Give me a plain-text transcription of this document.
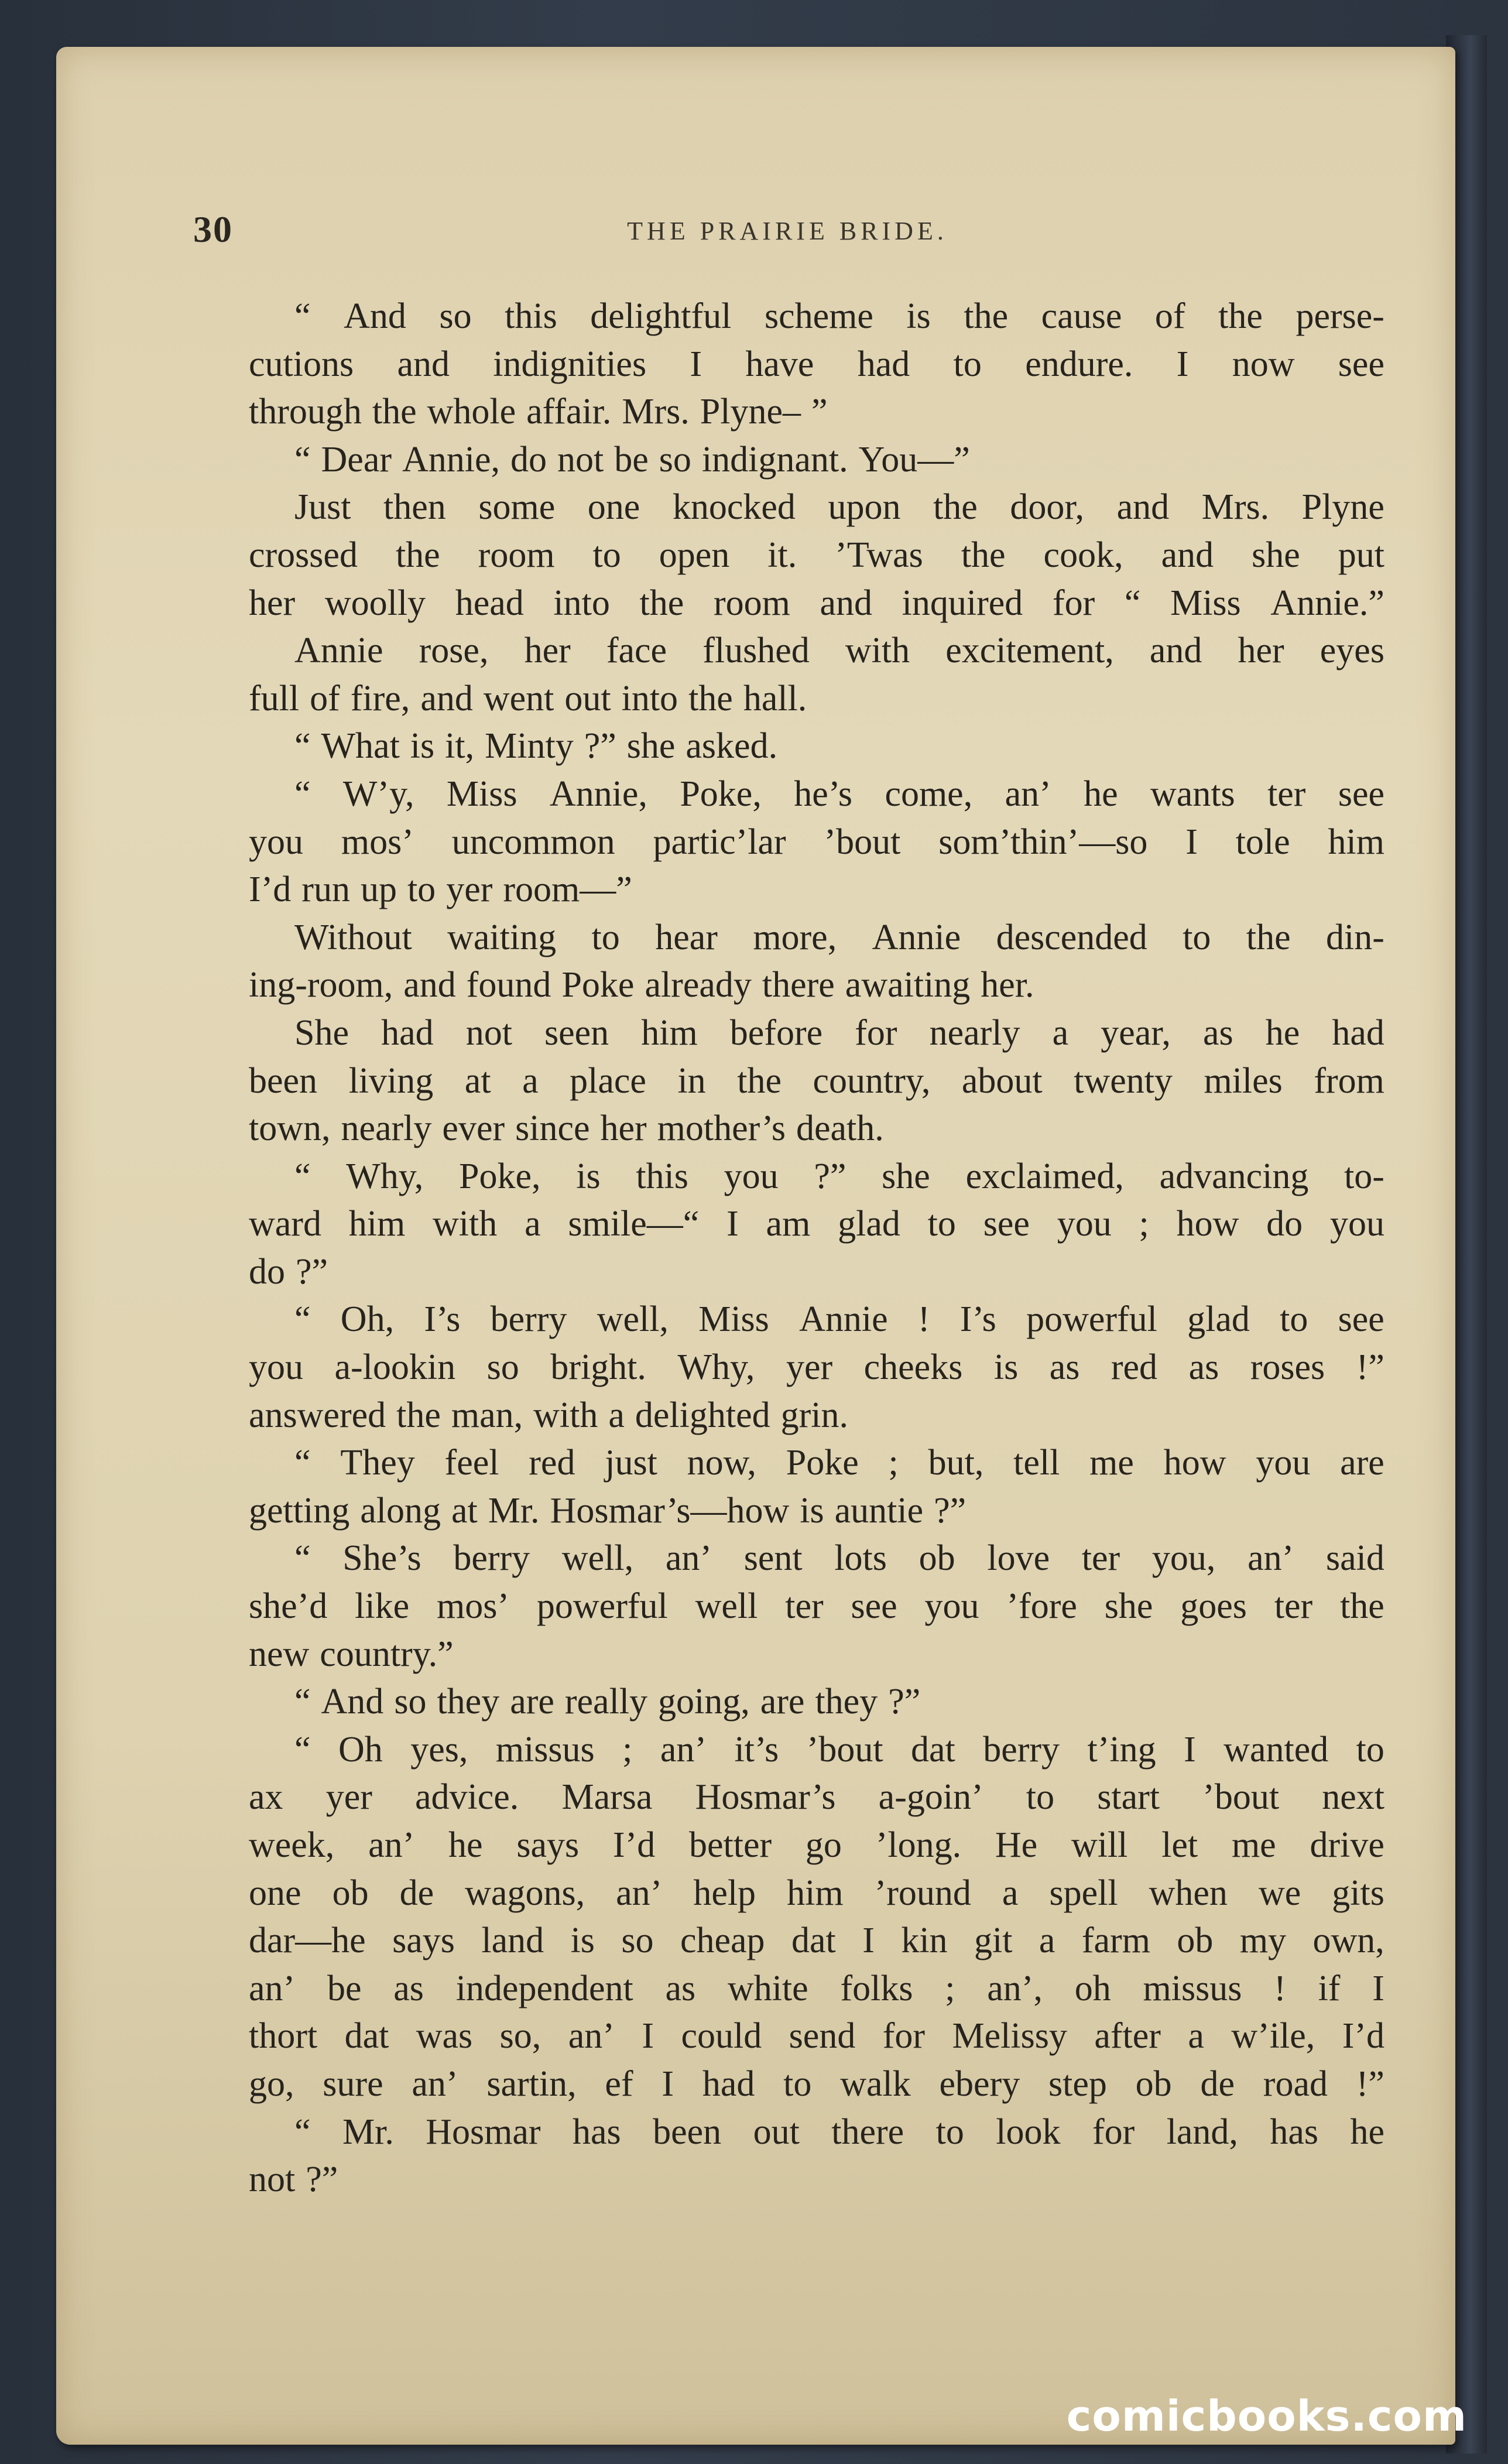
30	THE PRAIRIE BRIDE.
“ And so this delightful scheme is the cause of the perse-
cutions and indignities I have had to endure. I now see
through the whole affair. Mrs. Plyne– ”
“ Dear Annie, do not be so indignant. You—”
Just then some one knocked upon the door, and Mrs. Plyne
crossed the room to open it. ’Twas the cook, and she put
her woolly head into the room and inquired for “ Miss Annie.”
Annie rose, her face flushed with excitement, and her eyes
full of fire, and went out into the hall.
“ What is it, Minty ?” she asked.
“ W’y, Miss Annie, Poke, he’s come, an’ he wants ter see
you mos’ uncommon partic’lar ’bout som’thin’—so I tole him
I’d run up to yer room—”
Without waiting to hear more, Annie descended to the din-
ing-room, and found Poke already there awaiting her.
She had not seen him before for nearly a year, as he had
been living at a place in the country, about twenty miles from
town, nearly ever since her mother’s death.
“ Why, Poke, is this you ?” she exclaimed, advancing to-
ward him with a smile—“ I am glad to see you ; how do you
do ?”
“ Oh, I’s berry well, Miss Annie ! I’s powerful glad to see
you a-lookin so bright. Why, yer cheeks is as red as roses !”
answered the man, with a delighted grin.
“ They feel red just now, Poke ; but, tell me how you are
getting along at Mr. Hosmar’s—how is auntie ?”
“ She’s berry well, an’ sent lots ob love ter you, an’ said
she’d like mos’ powerful well ter see you ’fore she goes ter the
new country.”
“ And so they are really going, are they ?”
“ Oh yes, missus ; an’ it’s ’bout dat berry t’ing I wanted to
ax yer advice. Marsa Hosmar’s a-goin’ to start ’bout next
week, an’ he says I’d better go ’long. He will let me drive
one ob de wagons, an’ help him ’round a spell when we gits
dar—he says land is so cheap dat I kin git a farm ob my own,
an’ be as independent as white folks ; an’, oh missus ! if I
thort dat was so, an’ I could send for Melissy after a w’ile, I’d
go, sure an’ sartin, ef I had to walk ebery step ob de road !”
“ Mr. Hosmar has been out there to look for land, has he
not ?”
comicbooks.com
